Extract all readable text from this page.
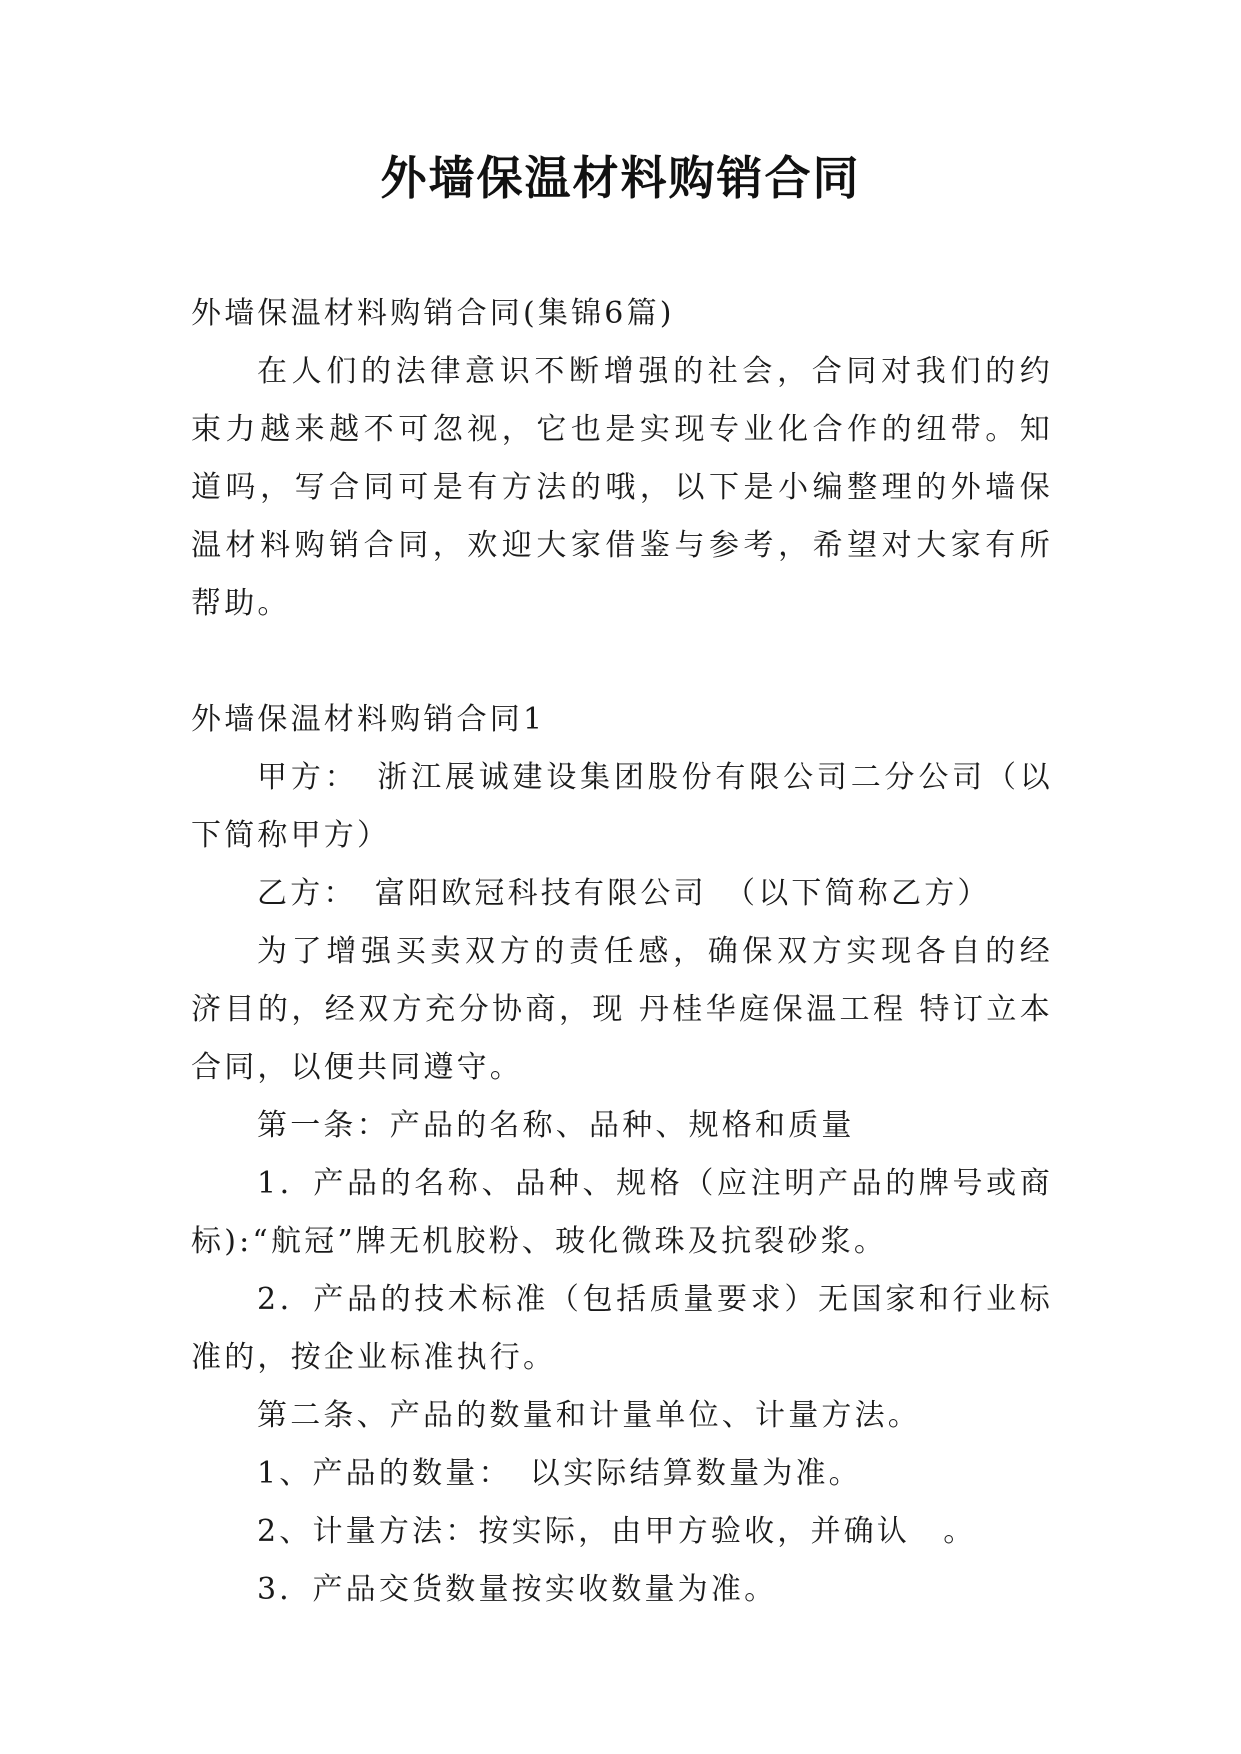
外墙保温材料购销合同

外墙保温材料购销合同(集锦6篇)

在人们的法律意识不断增强的社会，合同对我们的约束力越来越不可忽视，它也是实现专业化合作的纽带。知道吗，写合同可是有方法的哦，以下是小编整理的外墙保温材料购销合同，欢迎大家借鉴与参考，希望对大家有所帮助。

外墙保温材料购销合同1

甲方：　浙江展诚建设集团股份有限公司二分公司（以下简称甲方）

乙方：　富阳欧冠科技有限公司　（以下简称乙方）

为了增强买卖双方的责任感，确保双方实现各自的经济目的，经双方充分协商，现 丹桂华庭保温工程 特订立本合同，以便共同遵守。

第一条：产品的名称、品种、规格和质量

1．产品的名称、品种、规格（应注明产品的牌号或商标):“航冠”牌无机胶粉、玻化微珠及抗裂砂浆。

2．产品的技术标准（包括质量要求）无国家和行业标准的，按企业标准执行。

第二条、产品的数量和计量单位、计量方法。

1、产品的数量：　以实际结算数量为准。

2、计量方法：按实际，由甲方验收，并确认　。

3．产品交货数量按实收数量为准。
